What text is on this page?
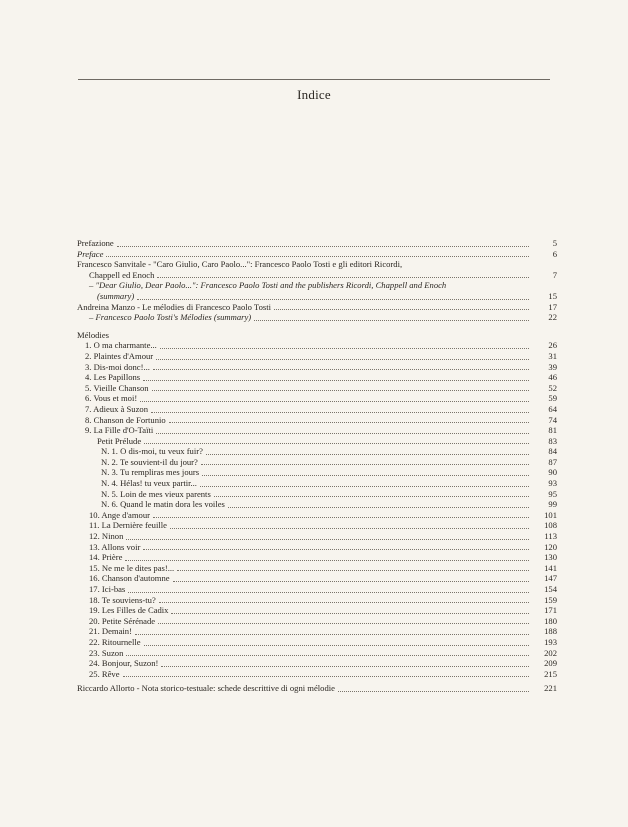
Indice
Prefazione	5
Preface	6
Francesco Sanvitale - "Caro Giulio, Caro Paolo...": Francesco Paolo Tosti e gli editori Ricordi,
Chappell ed Enoch	7
– "Dear Giulio, Dear Paolo...": Francesco Paolo Tosti and the publishers Ricordi, Chappell and Enoch
(summary)	15
Andreina Manzo - Le mélodies di Francesco Paolo Tosti	17
– Francesco Paolo Tosti's Mélodies (summary)	22
Mélodies
1. O ma charmante...	26
2. Plaintes d'Amour	31
3. Dis-moi donc!...	39
4. Les Papillons	46
5. Vieille Chanson	52
6. Vous et moi!	59
7. Adieux à Suzon	64
8. Chanson de Fortunio	74
9. La Fille d'O-Taïti	81
Petit Prélude	83
N. 1. O dis-moi, tu veux fuir?	84
N. 2. Te souvient-il du jour?	87
N. 3. Tu rempliras mes jours	90
N. 4. Hélas! tu veux partir...	93
N. 5. Loin de mes vieux parents	95
N. 6. Quand le matin dora les voiles	99
10. Ange d'amour	101
11. La Dernière feuille	108
12. Ninon	113
13. Allons voir	120
14. Prière	130
15. Ne me le dites pas!...	141
16. Chanson d'automne	147
17. Ici-bas	154
18. Te souviens-tu?	159
19. Les Filles de Cadix	171
20. Petite Sérénade	180
21. Demain!	188
22. Ritournelle	193
23. Suzon	202
24. Bonjour, Suzon!	209
25. Rêve	215
Riccardo Allorto - Nota storico-testuale: schede descrittive di ogni mélodie	221
